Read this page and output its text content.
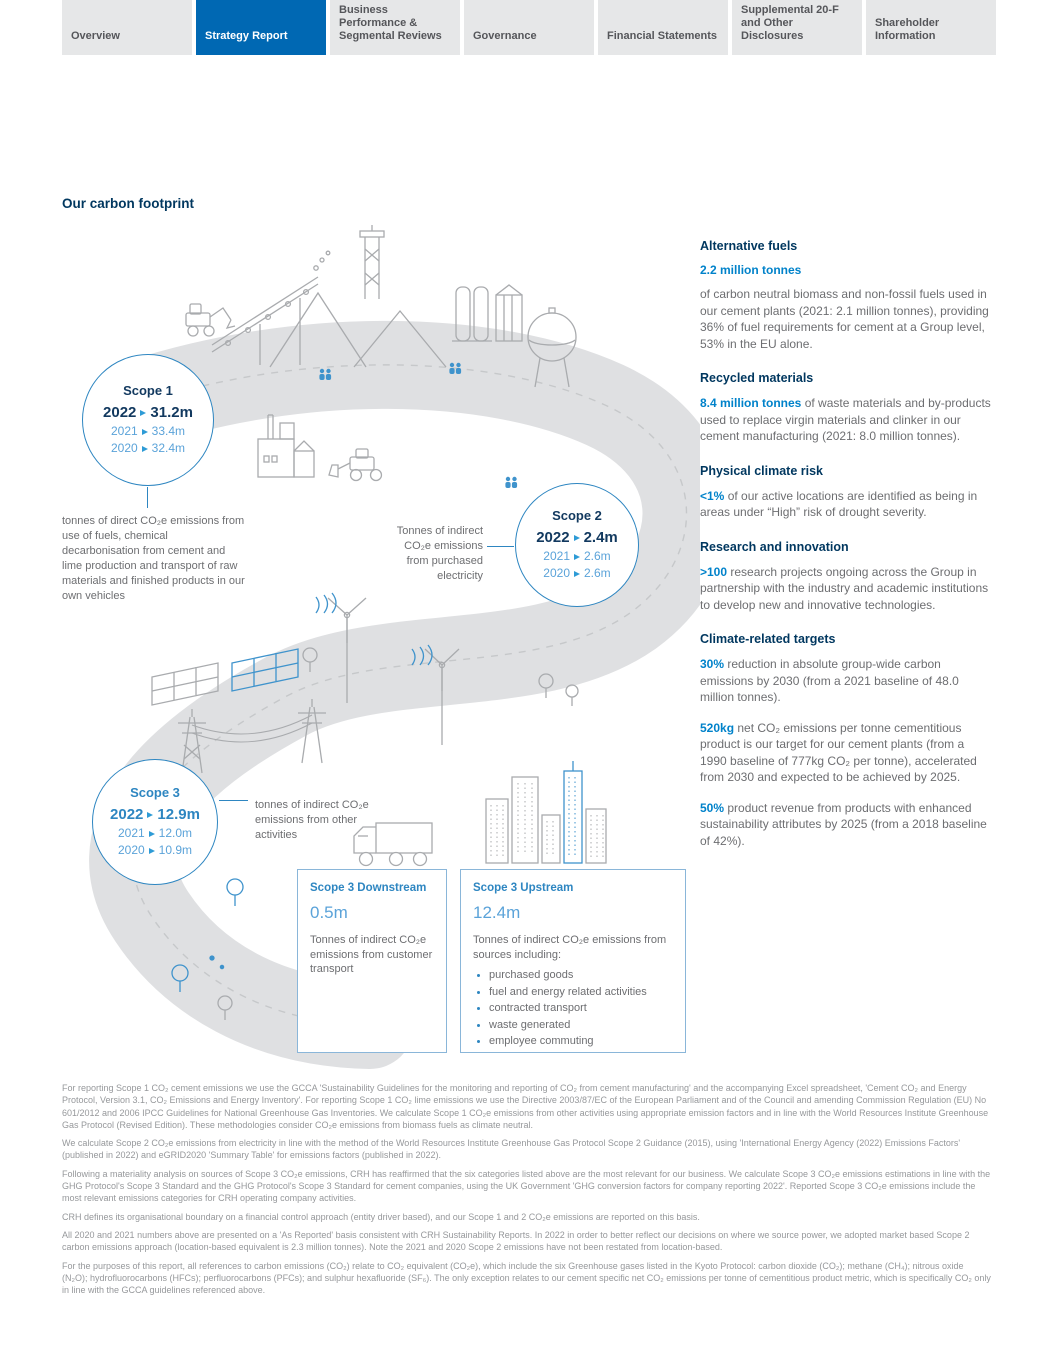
Overview	Strategy Report
Business Performance & Segmental Reviews	Governance	Financial Statements
Supplemental 20-F and Other Disclosures
Shareholder Information
Our carbon footprint
Scope 1
2022 31.2m
2021 33.4m
2020 32.4m
Scope 2
2022 2.4m
2021 2.6m
2020 2.6m
Scope 3
2022 12.9m
2021 12.0m
2020 10.9m
tonnes of direct CO₂e emissions from use of fuels, chemical decarbonisation from cement and lime production and transport of raw materials and finished products in our own vehicles
Tonnes of indirect CO₂e emissions from purchased electricity
tonnes of indirect CO₂e emissions from other activities
Scope 3 Downstream
0.5m
Tonnes of indirect CO₂e emissions from customer transport
Scope 3 Upstream
12.4m
Tonnes of indirect CO₂e emissions from sources including:
• purchased goods
• fuel and energy related activities
• contracted transport
• waste generated
• employee commuting
Alternative fuels

2.2 million tonnes

of carbon neutral biomass and non-fossil fuels used in our cement plants (2021: 2.1 million tonnes), providing 36% of fuel requirements for cement at a Group level, 53% in the EU alone.

Recycled materials

8.4 million tonnes of waste materials and by-products used to replace virgin materials and clinker in our cement manufacturing (2021: 8.0 million tonnes).

Physical climate risk

<1% of our active locations are identified as being in areas under “High” risk of drought severity.

Research and innovation

>100 research projects ongoing across the Group in partnership with the industry and academic institutions to develop new and innovative technologies.

Climate-related targets

30% reduction in absolute group-wide carbon emissions by 2030 (from a 2021 baseline of 48.0 million tonnes).

520kg net CO₂ emissions per tonne cementitious product is our target for our cement plants (from a 1990 baseline of 777kg CO₂ per tonne), accelerated from 2030 and expected to be achieved by 2025.

50% product revenue from products with enhanced sustainability attributes by 2025 (from a 2018 baseline of 42%).

For reporting Scope 1 CO₂ cement emissions we use the GCCA 'Sustainability Guidelines for the monitoring and reporting of CO₂ from cement manufacturing' and the accompanying Excel spreadsheet, 'Cement CO₂ and Energy Protocol, Version 3.1, CO₂ Emissions and Energy Inventory'. For reporting Scope 1 CO₂ lime emissions we use the Directive 2003/87/EC of the European Parliament and of the Council and amending Commission Regulation (EU) No 601/2012 and 2006 IPCC Guidelines for National Greenhouse Gas Inventories. We calculate Scope 1 CO₂e emissions from other activities using appropriate emission factors and in line with the World Resources Institute Greenhouse Gas Protocol (Revised Edition). These methodologies consider CO₂e emissions from biomass fuels as climate neutral.

We calculate Scope 2 CO₂e emissions from electricity in line with the method of the World Resources Institute Greenhouse Gas Protocol Scope 2 Guidance (2015), using 'International Energy Agency (2022) Emissions Factors' (published in 2022) and eGRID2020 'Summary Table' for emissions factors (published in 2022).

Following a materiality analysis on sources of Scope 3 CO₂e emissions, CRH has reaffirmed that the six categories listed above are the most relevant for our business. We calculate Scope 3 CO₂e emissions estimations in line with the GHG Protocol's Scope 3 Standard and the GHG Protocol's Scope 3 Standard for cement companies, using the UK Government 'GHG conversion factors for company reporting 2022'. Reported Scope 3 CO₂e emissions include the most relevant emissions categories for CRH operating company activities.

CRH defines its organisational boundary on a financial control approach (entity driver based), and our Scope 1 and 2 CO₂e emissions are reported on this basis.

All 2020 and 2021 numbers above are presented on a 'As Reported' basis consistent with CRH Sustainability Reports. In 2022 in order to better reflect our decisions on where we source power, we adopted market based Scope 2 carbon emissions approach (location-based equivalent is 2.3 million tonnes). Note the 2021 and 2020 Scope 2 emissions have not been restated from location-based.

For the purposes of this report, all references to carbon emissions (CO₂) relate to CO₂ equivalent (CO₂e), which include the six Greenhouse gases listed in the Kyoto Protocol: carbon dioxide (CO₂); methane (CH₄); nitrous oxide (N₂O); hydrofluorocarbons (HFCs); perfluorocarbons (PFCs); and sulphur hexafluoride (SF₆). The only exception relates to our cement specific net CO₂ emissions per tonne of cementitious product metric, which is specifically CO₂ only in line with the GCCA guidelines referenced above.
